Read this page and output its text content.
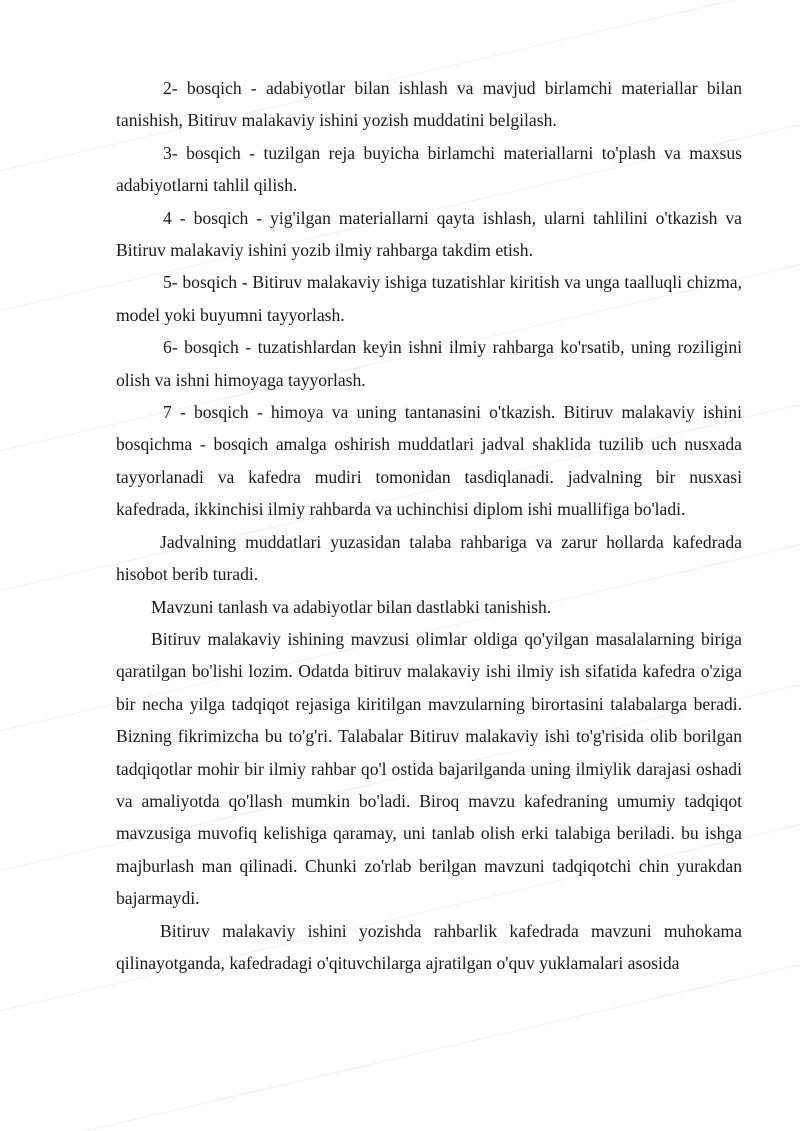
2- bosqich - adabiyotlar bilan ishlash va mavjud birlamchi materiallar bilan tanishish, Bitiruv malakaviy ishini yozish muddatini belgilash.

3- bosqich - tuzilgan reja buyicha birlamchi materiallarni to'plash va maxsus adabiyotlarni tahlil qilish.

4 - bosqich - yig'ilgan materiallarni qayta ishlash, ularni tahlilini o'tkazish va Bitiruv malakaviy ishini yozib ilmiy rahbarga takdim etish.

5- bosqich - Bitiruv malakaviy ishiga tuzatishlar kiritish va unga taalluqli chizma, model yoki buyumni tayyorlash.

6- bosqich - tuzatishlardan keyin ishni ilmiy rahbarga ko'rsatib, uning roziligini olish va ishni himoyaga tayyorlash.

7 - bosqich - himoya va uning tantanasini o'tkazish. Bitiruv malakaviy ishini bosqichma - bosqich amalga oshirish muddatlari jadval shaklida tuzilib uch nusxada tayyorlanadi va kafedra mudiri tomonidan tasdiqlanadi. jadvalning bir nusxasi kafedrada, ikkinchisi ilmiy rahbarda va uchinchisi diplom ishi muallifiga bo'ladi.

Jadvalning muddatlari yuzasidan talaba rahbariga va zarur hollarda kafedrada hisobot berib turadi.

Mavzuni tanlash va adabiyotlar bilan dastlabki tanishish.

Bitiruv malakaviy ishining mavzusi olimlar oldiga qo'yilgan masalalarning biriga qaratilgan bo'lishi lozim. Odatda bitiruv malakaviy ishi ilmiy ish sifatida kafedra o'ziga bir necha yilga tadqiqot rejasiga kiritilgan mavzularning birortasini talabalarga beradi. Bizning fikrimizcha bu to'g'ri. Talabalar Bitiruv malakaviy ishi to'g'risida olib borilgan tadqiqotlar mohir bir ilmiy rahbar qo'l ostida bajarilganda uning ilmiylik darajasi oshadi va amaliyotda qo'llash mumkin bo'ladi. Biroq mavzu kafedraning umumiy tadqiqot mavzusiga muvofiq kelishiga qaramay, uni tanlab olish erki talabiga beriladi. bu ishga majburlash man qilinadi. Chunki zo'rlab berilgan mavzuni tadqiqotchi chin yurakdan bajarmaydi.

Bitiruv malakaviy ishini yozishda rahbarlik kafedrada mavzuni muhokama qilinayotganda, kafedradagi o'qituvchilarga ajratilgan o'quv yuklamalari asosida
